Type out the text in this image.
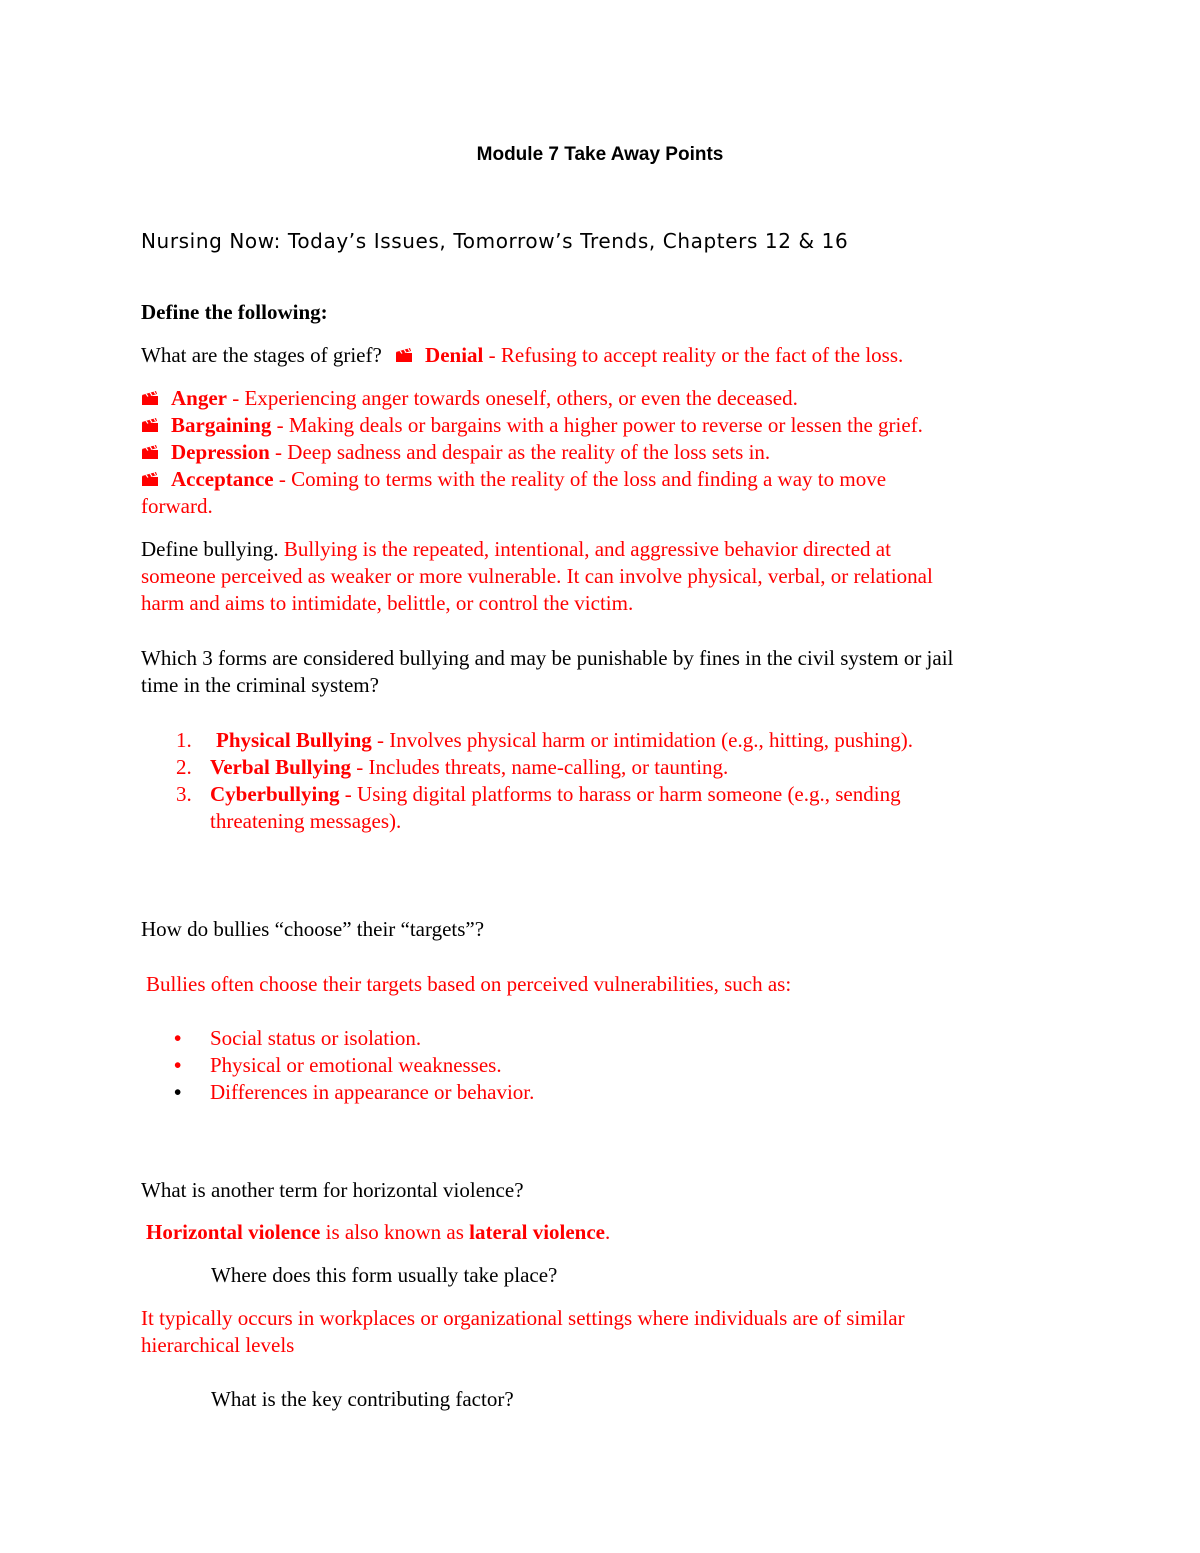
Module 7 Take Away Points
Nursing Now: Today’s Issues, Tomorrow’s Trends, Chapters 12 & 16
Define the following:
What are the stages of grief? Denial - Refusing to accept reality or the fact of the loss.
Anger - Experiencing anger towards oneself, others, or even the deceased.
Bargaining - Making deals or bargains with a higher power to reverse or lessen the grief.
Depression - Deep sadness and despair as the reality of the loss sets in.
Acceptance - Coming to terms with the reality of the loss and finding a way to move
forward.
Define bullying. Bullying is the repeated, intentional, and aggressive behavior directed at
someone perceived as weaker or more vulnerable. It can involve physical, verbal, or relational
harm and aims to intimidate, belittle, or control the victim.
Which 3 forms are considered bullying and may be punishable by fines in the civil system or jail
time in the criminal system?
1. Physical Bullying - Involves physical harm or intimidation (e.g., hitting, pushing).
2. Verbal Bullying - Includes threats, name-calling, or taunting.
3. Cyberbullying - Using digital platforms to harass or harm someone (e.g., sending
threatening messages).
How do bullies “choose” their “targets”?
Bullies often choose their targets based on perceived vulnerabilities, such as:
• Social status or isolation.
• Physical or emotional weaknesses.
• Differences in appearance or behavior.
What is another term for horizontal violence?
Horizontal violence is also known as lateral violence.
Where does this form usually take place?
It typically occurs in workplaces or organizational settings where individuals are of similar
hierarchical levels
What is the key contributing factor?
